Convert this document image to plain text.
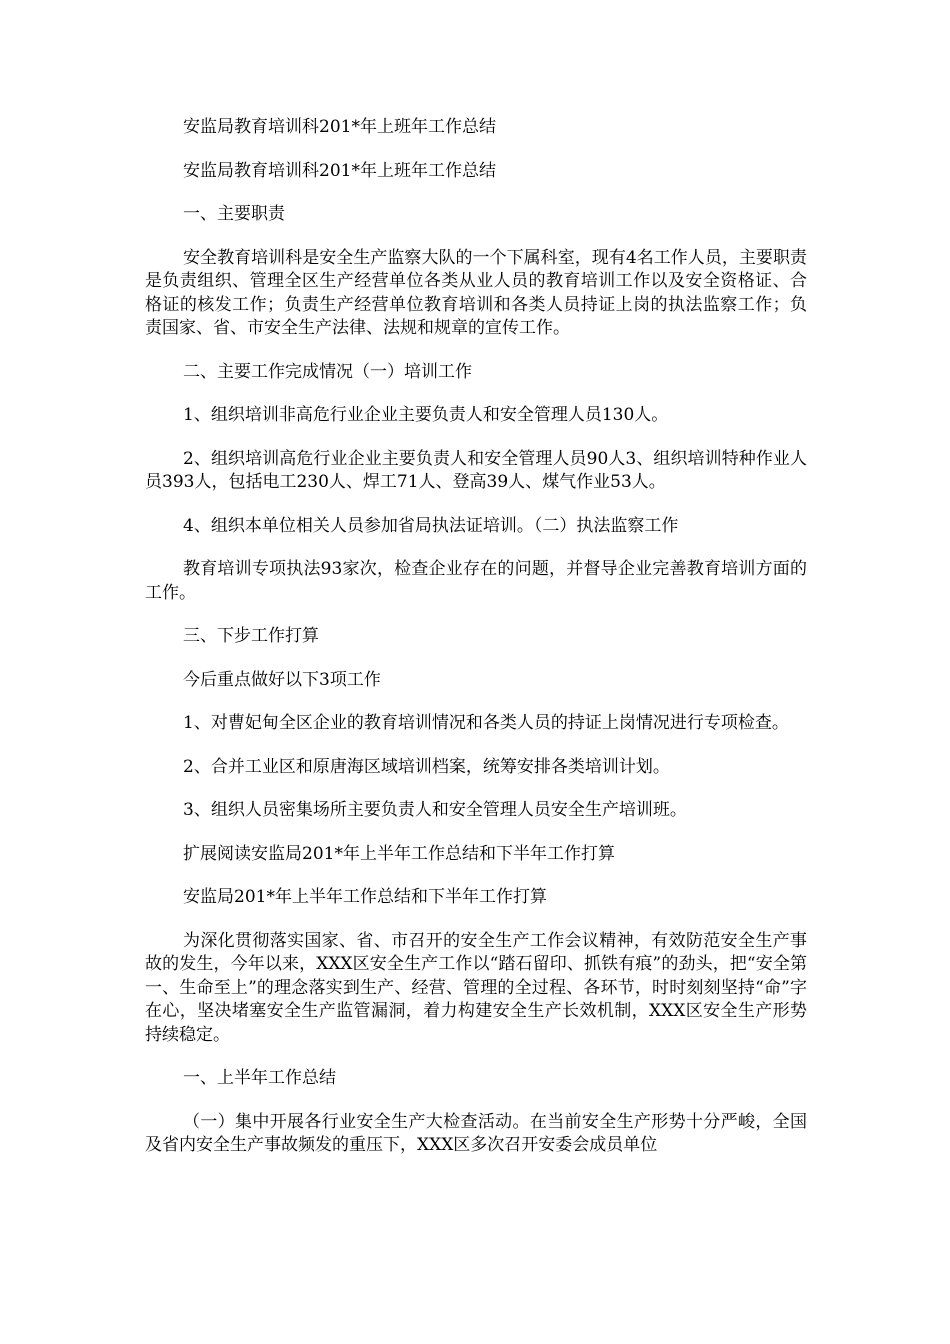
安监局教育培训科201*年上班年工作总结

安监局教育培训科201*年上班年工作总结

一、主要职责

安全教育培训科是安全生产监察大队的一个下属科室，现有4名工作人员，主要职责是负责组织、管理全区生产经营单位各类从业人员的教育培训工作以及安全资格证、合格证的核发工作；负责生产经营单位教育培训和各类人员持证上岗的执法监察工作；负责国家、省、市安全生产法律、法规和规章的宣传工作。

二、主要工作完成情况（一）培训工作

1、组织培训非高危行业企业主要负责人和安全管理人员130人。

2、组织培训高危行业企业主要负责人和安全管理人员90人3、组织培训特种作业人员393人，包括电工230人、焊工71人、登高39人、煤气作业53人。

4、组织本单位相关人员参加省局执法证培训。（二）执法监察工作

教育培训专项执法93家次，检查企业存在的问题，并督导企业完善教育培训方面的工作。

三、下步工作打算

今后重点做好以下3项工作

1、对曹妃甸全区企业的教育培训情况和各类人员的持证上岗情况进行专项检查。

2、合并工业区和原唐海区域培训档案，统筹安排各类培训计划。

3、组织人员密集场所主要负责人和安全管理人员安全生产培训班。

扩展阅读安监局201*年上半年工作总结和下半年工作打算

安监局201*年上半年工作总结和下半年工作打算

为深化贯彻落实国家、省、市召开的安全生产工作会议精神，有效防范安全生产事故的发生，今年以来，XXX区安全生产工作以“踏石留印、抓铁有痕”的劲头，把“安全第一、生命至上”的理念落实到生产、经营、管理的全过程、各环节，时时刻刻坚持“命”字在心，坚决堵塞安全生产监管漏洞，着力构建安全生产长效机制，XXX区安全生产形势持续稳定。

一、上半年工作总结

（一）集中开展各行业安全生产大检查活动。在当前安全生产形势十分严峻，全国及省内安全生产事故频发的重压下，XXX区多次召开安委会成员单位
